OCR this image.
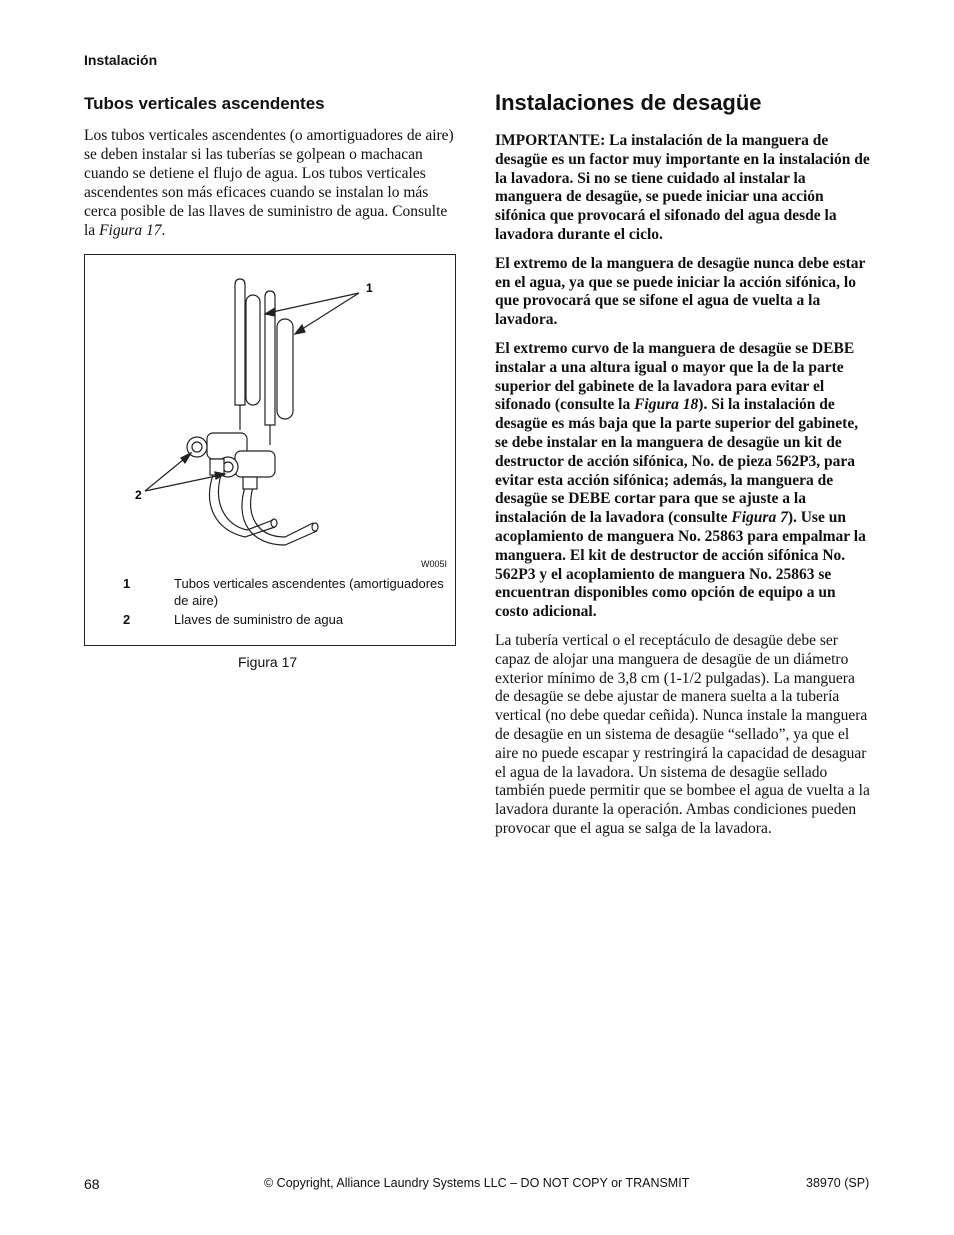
Instalación
Tubos verticales ascendentes
Los tubos verticales ascendentes (o amortiguadores de aire) se deben instalar si las tuberías se golpean o machacan cuando se detiene el flujo de agua. Los tubos verticales ascendentes son más eficaces cuando se instalan lo más cerca posible de las llaves de suministro de agua. Consulte la Figura 17.
1
2
W005I
1	Tubos verticales ascendentes (amortiguadores de aire)
2	Llaves de suministro de agua
Figura 17
Instalaciones de desagüe

IMPORTANTE: La instalación de la manguera de desagüe es un factor muy importante en la instalación de la lavadora. Si no se tiene cuidado al instalar la manguera de desagüe, se puede iniciar una acción sifónica que provocará el sifonado del agua desde la lavadora durante el ciclo.

El extremo de la manguera de desagüe nunca debe estar en el agua, ya que se puede iniciar la acción sifónica, lo que provocará que se sifone el agua de vuelta a la lavadora.

El extremo curvo de la manguera de desagüe se DEBE instalar a una altura igual o mayor que la de la parte superior del gabinete de la lavadora para evitar el sifonado (consulte la Figura 18). Si la instalación de desagüe es más baja que la parte superior del gabinete, se debe instalar en la manguera de desagüe un kit de destructor de acción sifónica, No. de pieza 562P3, para evitar esta acción sifónica; además, la manguera de desagüe se DEBE cortar para que se ajuste a la instalación de la lavadora (consulte Figura 7). Use un acoplamiento de manguera No. 25863 para empalmar la manguera. El kit de destructor de acción sifónica No. 562P3 y el acoplamiento de manguera No. 25863 se encuentran disponibles como opción de equipo a un costo adicional.

La tubería vertical o el receptáculo de desagüe debe ser capaz de alojar una manguera de desagüe de un diámetro exterior mínimo de 3,8 cm (1-1/2 pulgadas). La manguera de desagüe se debe ajustar de manera suelta a la tubería vertical (no debe quedar ceñida). Nunca instale la manguera de desagüe en un sistema de desagüe “sellado”, ya que el aire no puede escapar y restringirá la capacidad de desaguar el agua de la lavadora. Un sistema de desagüe sellado también puede permitir que se bombee el agua de vuelta a la lavadora durante la operación. Ambas condiciones pueden provocar que el agua se salga de la lavadora.

68	© Copyright, Alliance Laundry Systems LLC – DO NOT COPY or TRANSMIT	38970 (SP)
